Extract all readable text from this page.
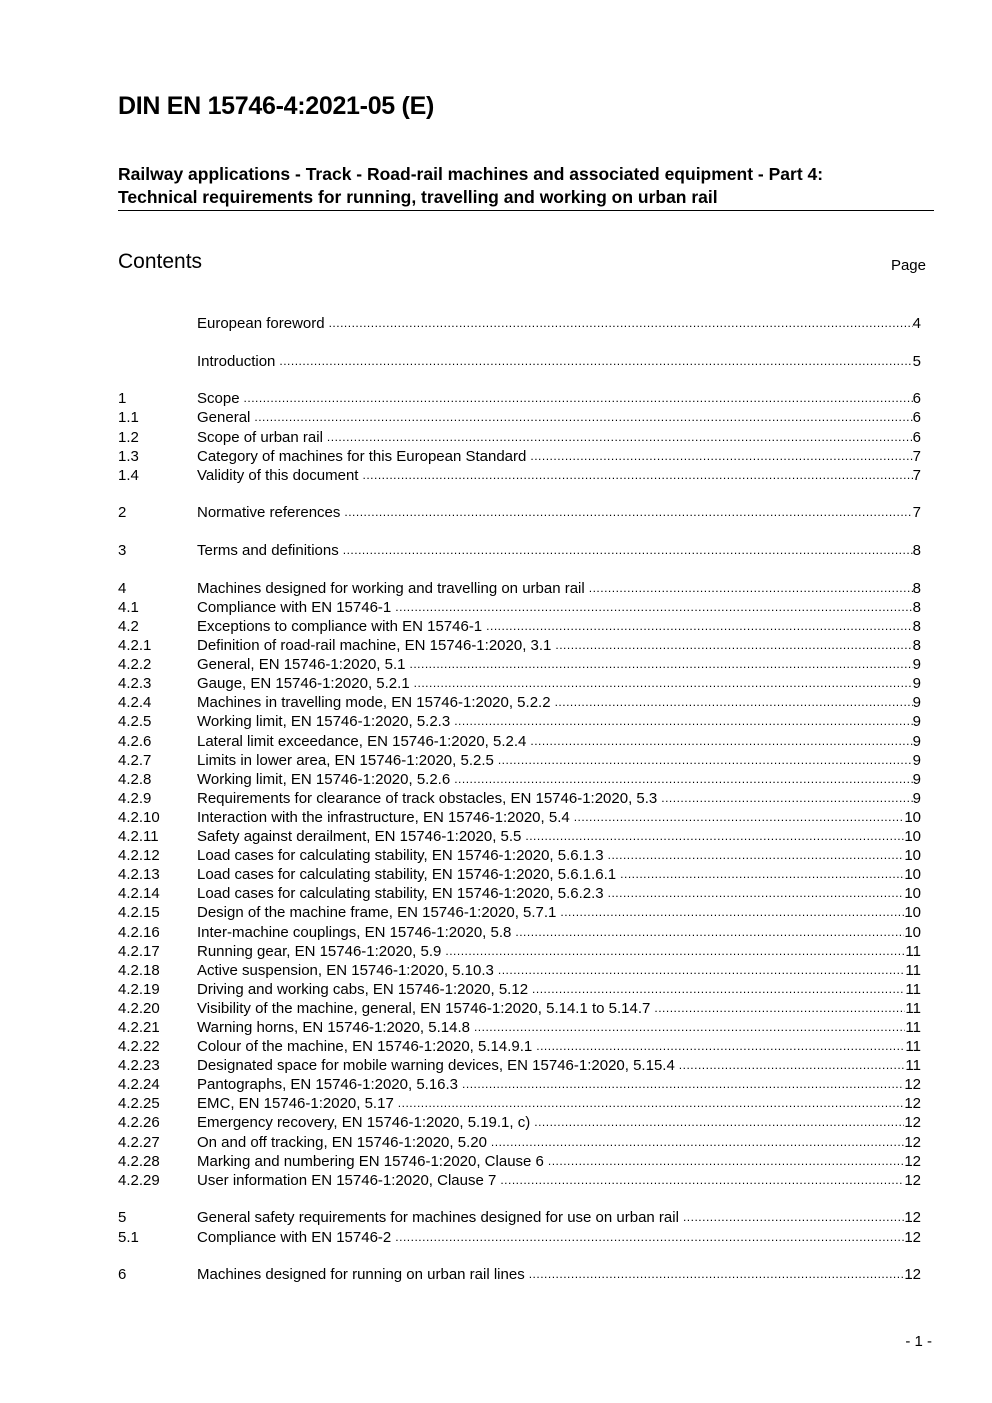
DIN EN 15746-4:2021-05 (E)
Railway applications - Track - Road-rail machines and associated equipment - Part 4:
Technical requirements for running, travelling and working on urban rail
Contents	Page
European foreword .....	4
Introduction .....	5
1	Scope .....	6
1.1	General .....	6
1.2	Scope of urban rail .....	6
1.3	Category of machines for this European Standard .....	7
1.4	Validity of this document .....	7
2	Normative references .....	7
3	Terms and definitions .....	8
4	Machines designed for working and travelling on urban rail .....	8
4.1	Compliance with EN 15746-1 .....	8
4.2	Exceptions to compliance with EN 15746-1 .....	8
4.2.1	Definition of road-rail machine, EN 15746-1:2020, 3.1 .....	8
4.2.2	General, EN 15746-1:2020, 5.1 .....	9
4.2.3	Gauge, EN 15746-1:2020, 5.2.1 .....	9
4.2.4	Machines in travelling mode, EN 15746-1:2020, 5.2.2 .....	9
4.2.5	Working limit, EN 15746-1:2020, 5.2.3 .....	9
4.2.6	Lateral limit exceedance, EN 15746-1:2020, 5.2.4 .....	9
4.2.7	Limits in lower area, EN 15746-1:2020, 5.2.5 .....	9
4.2.8	Working limit, EN 15746-1:2020, 5.2.6 .....	9
4.2.9	Requirements for clearance of track obstacles, EN 15746-1:2020, 5.3 .....	9
4.2.10	Interaction with the infrastructure, EN 15746-1:2020, 5.4 .....	10
4.2.11	Safety against derailment, EN 15746-1:2020, 5.5 .....	10
4.2.12	Load cases for calculating stability, EN 15746-1:2020, 5.6.1.3 .....	10
4.2.13	Load cases for calculating stability, EN 15746-1:2020, 5.6.1.6.1 .....	10
4.2.14	Load cases for calculating stability, EN 15746-1:2020, 5.6.2.3 .....	10
4.2.15	Design of the machine frame, EN 15746-1:2020, 5.7.1 .....	10
4.2.16	Inter-machine couplings, EN 15746-1:2020, 5.8 .....	10
4.2.17	Running gear, EN 15746-1:2020, 5.9 .....	11
4.2.18	Active suspension, EN 15746-1:2020, 5.10.3 .....	11
4.2.19	Driving and working cabs, EN 15746-1:2020, 5.12 .....	11
4.2.20	Visibility of the machine, general, EN 15746-1:2020, 5.14.1 to 5.14.7 .....	11
4.2.21	Warning horns, EN 15746-1:2020, 5.14.8 .....	11
4.2.22	Colour of the machine, EN 15746-1:2020, 5.14.9.1 .....	11
4.2.23	Designated space for mobile warning devices, EN 15746-1:2020, 5.15.4 .....	11
4.2.24	Pantographs, EN 15746-1:2020, 5.16.3 .....	12
4.2.25	EMC, EN 15746-1:2020, 5.17 .....	12
4.2.26	Emergency recovery, EN 15746-1:2020, 5.19.1, c) .....	12
4.2.27	On and off tracking, EN 15746-1:2020, 5.20 .....	12
4.2.28	Marking and numbering EN 15746-1:2020, Clause 6 .....	12
4.2.29	User information EN 15746-1:2020, Clause 7 .....	12
5	General safety requirements for machines designed for use on urban rail .....	12
5.1	Compliance with EN 15746-2 .....	12
6	Machines designed for running on urban rail lines .....	12
- 1 -
